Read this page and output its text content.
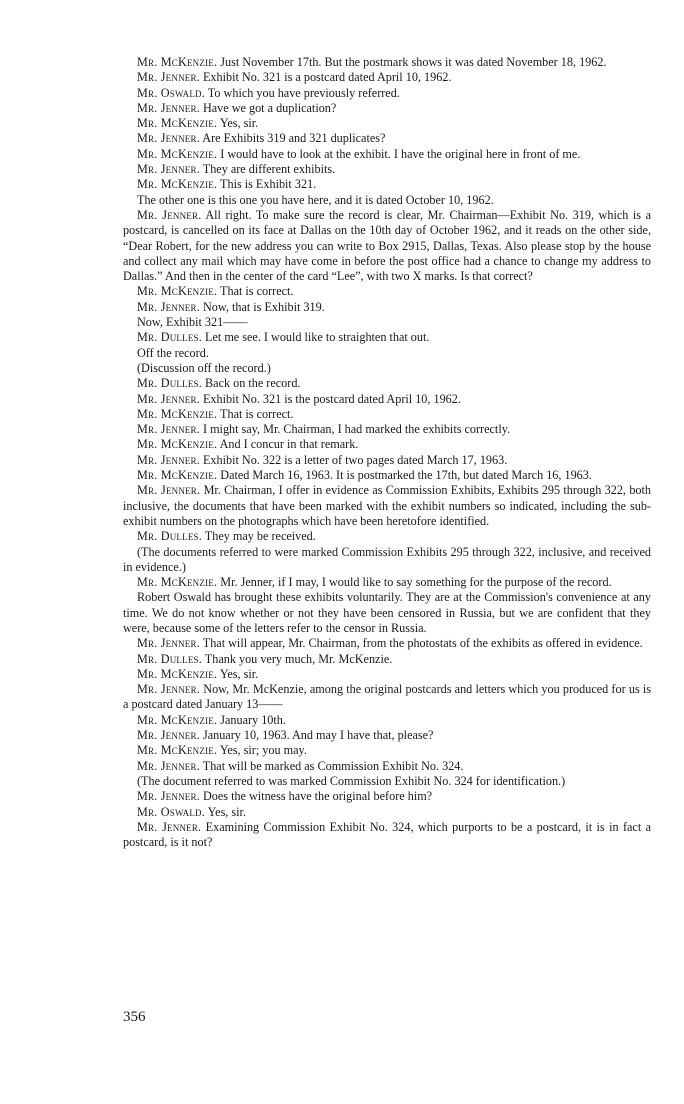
Mr. McKenzie. Just November 17th. But the postmark shows it was dated November 18, 1962.

Mr. Jenner. Exhibit No. 321 is a postcard dated April 10, 1962.

Mr. Oswald. To which you have previously referred.

Mr. Jenner. Have we got a duplication?

Mr. McKenzie. Yes, sir.

Mr. Jenner. Are Exhibits 319 and 321 duplicates?

Mr. McKenzie. I would have to look at the exhibit. I have the original here in front of me.

Mr. Jenner. They are different exhibits.

Mr. McKenzie. This is Exhibit 321.

The other one is this one you have here, and it is dated October 10, 1962.

Mr. Jenner. All right. To make sure the record is clear, Mr. Chairman—Exhibit No. 319, which is a postcard, is cancelled on its face at Dallas on the 10th day of October 1962, and it reads on the other side, “Dear Robert, for the new address you can write to Box 2915, Dallas, Texas. Also please stop by the house and collect any mail which may have come in before the post office had a chance to change my address to Dallas.” And then in the center of the card “Lee”, with two X marks. Is that correct?

Mr. McKenzie. That is correct.

Mr. Jenner. Now, that is Exhibit 319.

Now, Exhibit 321——

Mr. Dulles. Let me see. I would like to straighten that out.

Off the record.

(Discussion off the record.)

Mr. Dulles. Back on the record.

Mr. Jenner. Exhibit No. 321 is the postcard dated April 10, 1962.

Mr. McKenzie. That is correct.

Mr. Jenner. I might say, Mr. Chairman, I had marked the exhibits correctly.

Mr. McKenzie. And I concur in that remark.

Mr. Jenner. Exhibit No. 322 is a letter of two pages dated March 17, 1963.

Mr. McKenzie. Dated March 16, 1963. It is postmarked the 17th, but dated March 16, 1963.

Mr. Jenner. Mr. Chairman, I offer in evidence as Commission Exhibits, Exhibits 295 through 322, both inclusive, the documents that have been marked with the exhibit numbers so indicated, including the sub-exhibit numbers on the photographs which have been heretofore identified.

Mr. Dulles. They may be received.

(The documents referred to were marked Commission Exhibits 295 through 322, inclusive, and received in evidence.)

Mr. McKenzie. Mr. Jenner, if I may, I would like to say something for the purpose of the record.

Robert Oswald has brought these exhibits voluntarily. They are at the Commission's convenience at any time. We do not know whether or not they have been censored in Russia, but we are confident that they were, because some of the letters refer to the censor in Russia.

Mr. Jenner. That will appear, Mr. Chairman, from the photostats of the exhibits as offered in evidence.

Mr. Dulles. Thank you very much, Mr. McKenzie.

Mr. McKenzie. Yes, sir.

Mr. Jenner. Now, Mr. McKenzie, among the original postcards and letters which you produced for us is a postcard dated January 13——

Mr. McKenzie. January 10th.

Mr. Jenner. January 10, 1963. And may I have that, please?

Mr. McKenzie. Yes, sir; you may.

Mr. Jenner. That will be marked as Commission Exhibit No. 324.

(The document referred to was marked Commission Exhibit No. 324 for identification.)

Mr. Jenner. Does the witness have the original before him?

Mr. Oswald. Yes, sir.

Mr. Jenner. Examining Commission Exhibit No. 324, which purports to be a postcard, it is in fact a postcard, is it not?

356
